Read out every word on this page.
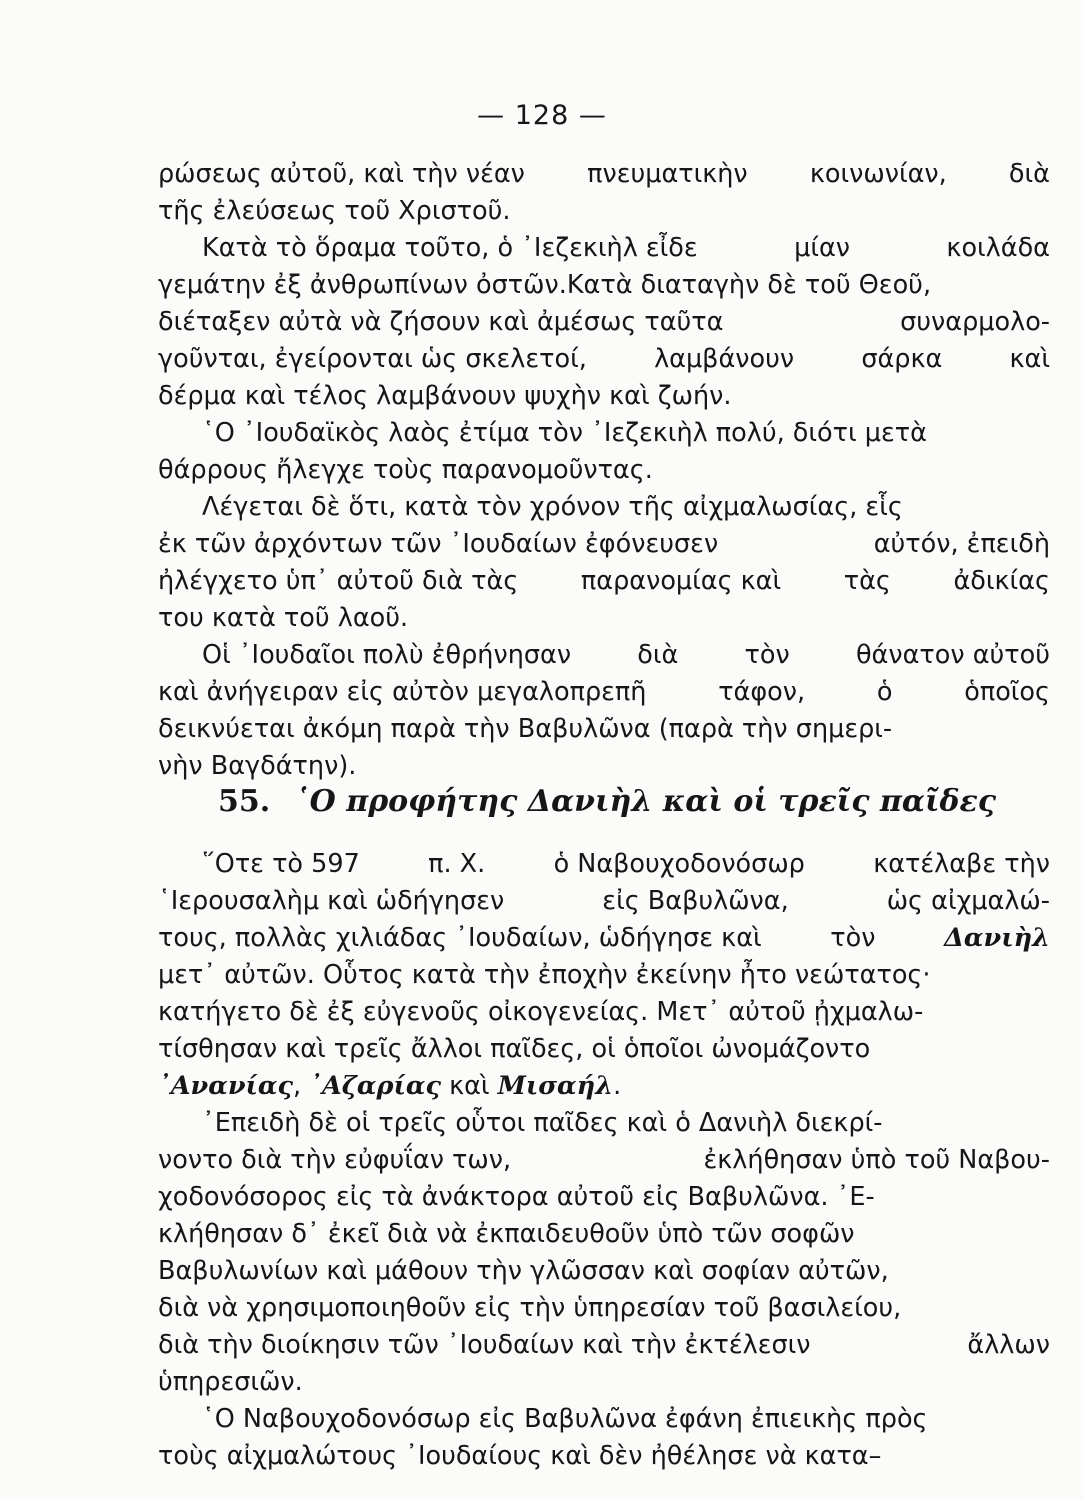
— 128 —
ρώσεως αὐτοῦ, καὶ τὴν νέαν πνευματικὴν κοινωνίαν, διὰ
τῆς ἐλεύσεως τοῦ Χριστοῦ.
Κατὰ τὸ ὅραμα τοῦτο, ὁ ᾿Ιεζεκιὴλ εἶδε	μίαν	κοιλάδα
γεμάτην ἐξ ἀνθρωπίνων ὀστῶν.Κατὰ διαταγὴν δὲ τοῦ Θεοῦ,
διέταξεν αὐτὰ νὰ ζήσουν καὶ ἀμέσως ταῦτα	συναρμολο-
γοῦνται, ἐγείρονται ὡς σκελετοί,	λαμβάνουν	σάρκα	καὶ
δέρμα καὶ τέλος λαμβάνουν ψυχὴν καὶ ζωήν.
῾Ο ᾿Ιουδαϊκὸς λαὸς ἐτίμα τὸν ᾿Ιεζεκιὴλ πολύ, διότι μετὰ
θάρρους ἤλεγχε τοὺς παρανομοῦντας.
Λέγεται δὲ ὅτι, κατὰ τὸν χρόνον τῆς αἰχμαλωσίας, εἷς
ἐκ τῶν ἀρχόντων τῶν ᾿Ιουδαίων ἐφόνευσεν	αὐτόν, ἐπειδὴ
ἠλέγχετο ὑπ᾿ αὐτοῦ διὰ τὰς παρανομίας καὶ τὰς ἀδικίας
του κατὰ τοῦ λαοῦ.
Οἱ ᾿Ιουδαῖοι πολὺ ἐθρήνησαν	διὰ	τὸν	θάνατον αὐτοῦ
καὶ ἀνήγειραν εἰς αὐτὸν μεγαλοπρεπῆ	τάφον,	ὁ	ὁποῖος
δεικνύεται ἀκόμη παρὰ τὴν Βαβυλῶνα (παρὰ τὴν σημερι-
νὴν Βαγδάτην).
55. ῾Ο προφήτης Δανιὴλ καὶ οἱ τρεῖς παῖδες
῞Οτε τὸ 597	π. Χ.	ὁ Ναβουχοδονόσωρ	κατέλαβε τὴν
῾Ιερουσαλὴμ καὶ ὡδήγησεν	εἰς Βαβυλῶνα,	ὡς αἰχμαλώ-
τους, πολλὰς χιλιάδας ᾿Ιουδαίων, ὡδήγησε καὶ	τὸν	Δανιὴλ
μετ᾿ αὐτῶν. Οὗτος κατὰ τὴν ἐποχὴν ἐκείνην ἦτο νεώτατος·
κατήγετο δὲ ἐξ εὐγενοῦς οἰκογενείας. Μετ᾿ αὐτοῦ ᾐχμαλω-
τίσθησαν καὶ τρεῖς ἄλλοι παῖδες, οἱ ὁποῖοι ὠνομάζοντο
᾿Ανανίας, ᾿Αζαρίας καὶ Μισαήλ.
᾿Επειδὴ δὲ οἱ τρεῖς οὗτοι παῖδες καὶ ὁ Δανιὴλ διεκρί-
νοντο διὰ τὴν εὐφυΐαν των,	ἐκλήθησαν ὑπὸ τοῦ Ναβου-
χοδονόσορος εἰς τὰ ἀνάκτορα αὐτοῦ εἰς Βαβυλῶνα. ᾿Ε-
κλήθησαν δ᾿ ἐκεῖ διὰ νὰ ἐκπαιδευθοῦν ὑπὸ τῶν σοφῶν
Βαβυλωνίων καὶ μάθουν τὴν γλῶσσαν καὶ σοφίαν αὐτῶν,
διὰ νὰ χρησιμοποιηθοῦν εἰς τὴν ὑπηρεσίαν τοῦ βασιλείου,
διὰ τὴν διοίκησιν τῶν ᾿Ιουδαίων καὶ τὴν ἐκτέλεσιν	ἄλλων
ὑπηρεσιῶν.
῾Ο Ναβουχοδονόσωρ εἰς Βαβυλῶνα ἐφάνη ἐπιεικὴς πρὸς
τοὺς αἰχμαλώτους ᾿Ιουδαίους καὶ δὲν ἠθέλησε νὰ κατα–
